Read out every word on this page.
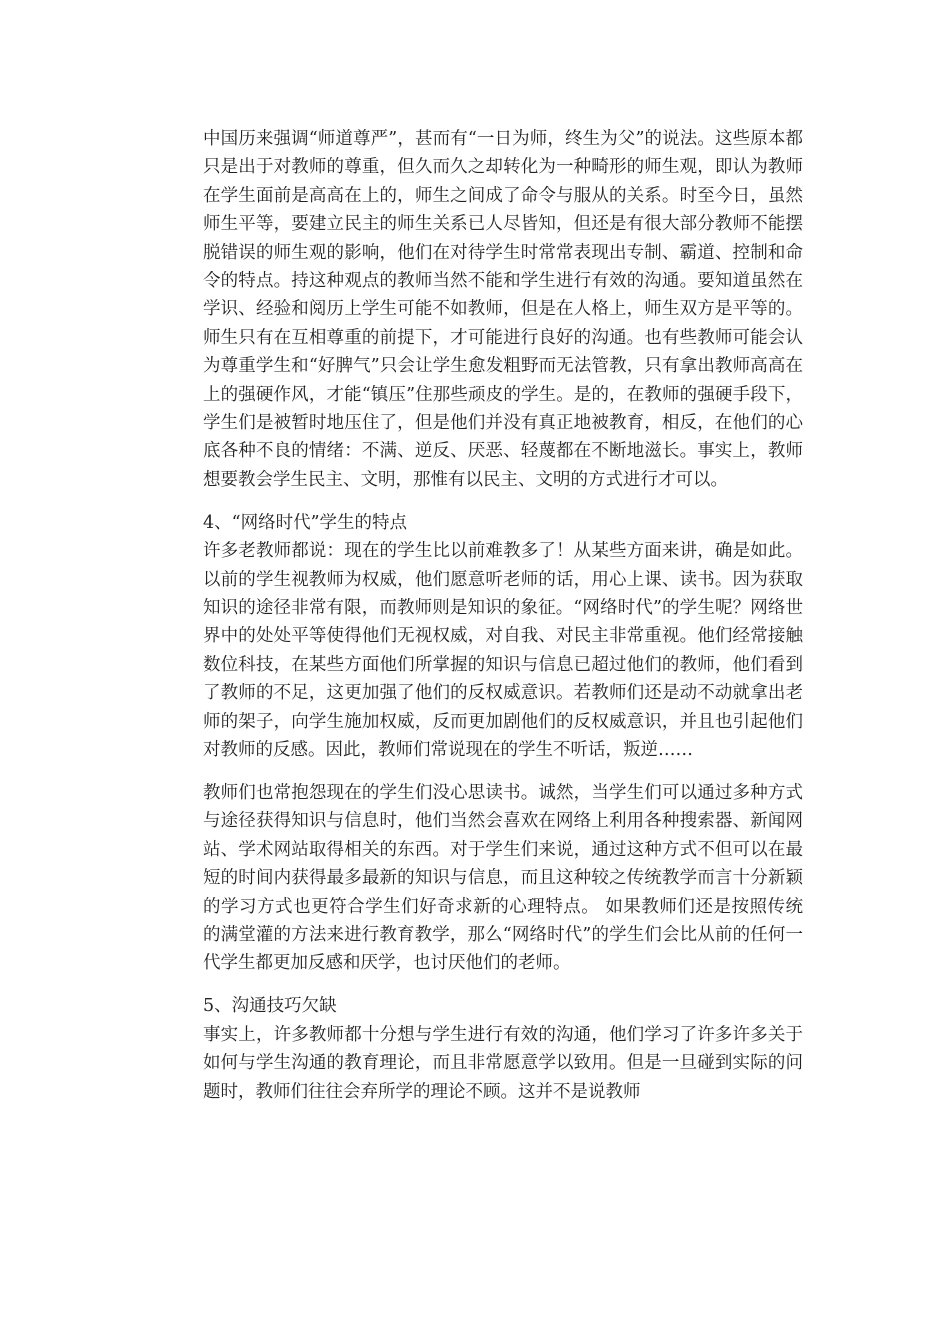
中国历来强调“师道尊严”，甚而有“一日为师，终生为父”的说法。这些原本都只是出于对教师的尊重，但久而久之却转化为一种畸形的师生观，即认为教师在学生面前是高高在上的，师生之间成了命令与服从的关系。时至今日，虽然师生平等，要建立民主的师生关系已人尽皆知，但还是有很大部分教师不能摆脱错误的师生观的影响，他们在对待学生时常常表现出专制、霸道、控制和命令的特点。持这种观点的教师当然不能和学生进行有效的沟通。要知道虽然在学识、经验和阅历上学生可能不如教师，但是在人格上，师生双方是平等的。师生只有在互相尊重的前提下，才可能进行良好的沟通。也有些教师可能会认为尊重学生和“好脾气”只会让学生愈发粗野而无法管教，只有拿出教师高高在上的强硬作风，才能“镇压”住那些顽皮的学生。是的，在教师的强硬手段下，学生们是被暂时地压住了，但是他们并没有真正地被教育，相反，在他们的心底各种不良的情绪：不满、逆反、厌恶、轻蔑都在不断地滋长。事实上，教师想要教会学生民主、文明，那惟有以民主、文明的方式进行才可以。

4、“网络时代”学生的特点

许多老教师都说：现在的学生比以前难教多了！从某些方面来讲，确是如此。以前的学生视教师为权威，他们愿意听老师的话，用心上课、读书。因为获取知识的途径非常有限，而教师则是知识的象征。“网络时代”的学生呢？网络世界中的处处平等使得他们无视权威，对自我、对民主非常重视。他们经常接触数位科技，在某些方面他们所掌握的知识与信息已超过他们的教师，他们看到了教师的不足，这更加强了他们的反权威意识。若教师们还是动不动就拿出老师的架子，向学生施加权威，反而更加剧他们的反权威意识，并且也引起他们对教师的反感。因此，教师们常说现在的学生不听话，叛逆……

教师们也常抱怨现在的学生们没心思读书。诚然，当学生们可以通过多种方式与途径获得知识与信息时，他们当然会喜欢在网络上利用各种搜索器、新闻网站、学术网站取得相关的东西。对于学生们来说，通过这种方式不但可以在最短的时间内获得最多最新的知识与信息，而且这种较之传统教学而言十分新颖的学习方式也更符合学生们好奇求新的心理特点。 如果教师们还是按照传统的满堂灌的方法来进行教育教学，那么“网络时代”的学生们会比从前的任何一代学生都更加反感和厌学，也讨厌他们的老师。

5、沟通技巧欠缺

事实上，许多教师都十分想与学生进行有效的沟通，他们学习了许多许多关于如何与学生沟通的教育理论，而且非常愿意学以致用。但是一旦碰到实际的问题时，教师们往往会弃所学的理论不顾。这并不是说教师
